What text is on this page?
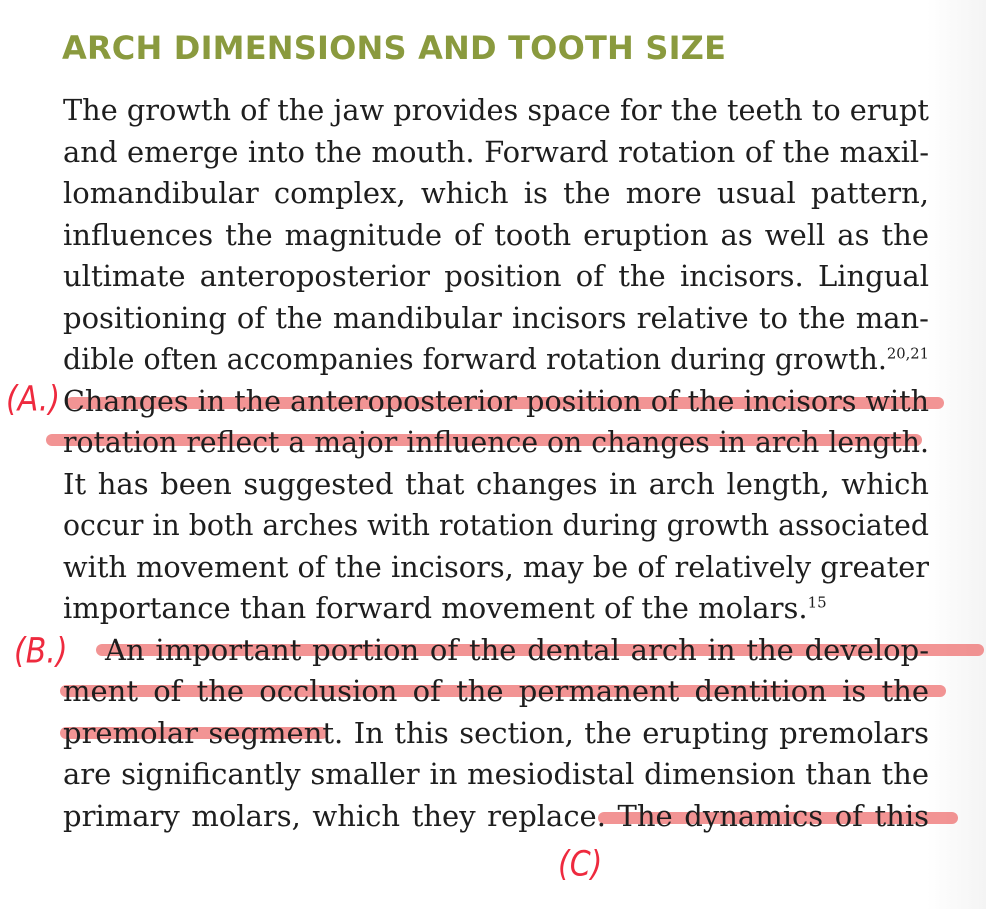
ARCH DIMENSIONS AND TOOTH SIZE
The growth of the jaw provides space for the teeth to erupt
and emerge into the mouth. Forward rotation of the maxil-
lomandibular complex, which is the more usual pattern,
influences the magnitude of tooth eruption as well as the
ultimate anteroposterior position of the incisors. Lingual
positioning of the mandibular incisors relative to the man-
dible often accompanies forward rotation during growth.$^{20,21}$
Changes in the anteroposterior position of the incisors with
rotation reflect a major influence on changes in arch length.
It has been suggested that changes in arch length, which
occur in both arches with rotation during growth associated
with movement of the incisors, may be of relatively greater
importance than forward movement of the molars.$^{15}$
An important portion of the dental arch in the develop-
ment of the occlusion of the permanent dentition is the
premolar segment. In this section, the erupting premolars
are significantly smaller in mesiodistal dimension than the
primary molars, which they replace. The dynamics of this
(A.)
(B.)
(C)
